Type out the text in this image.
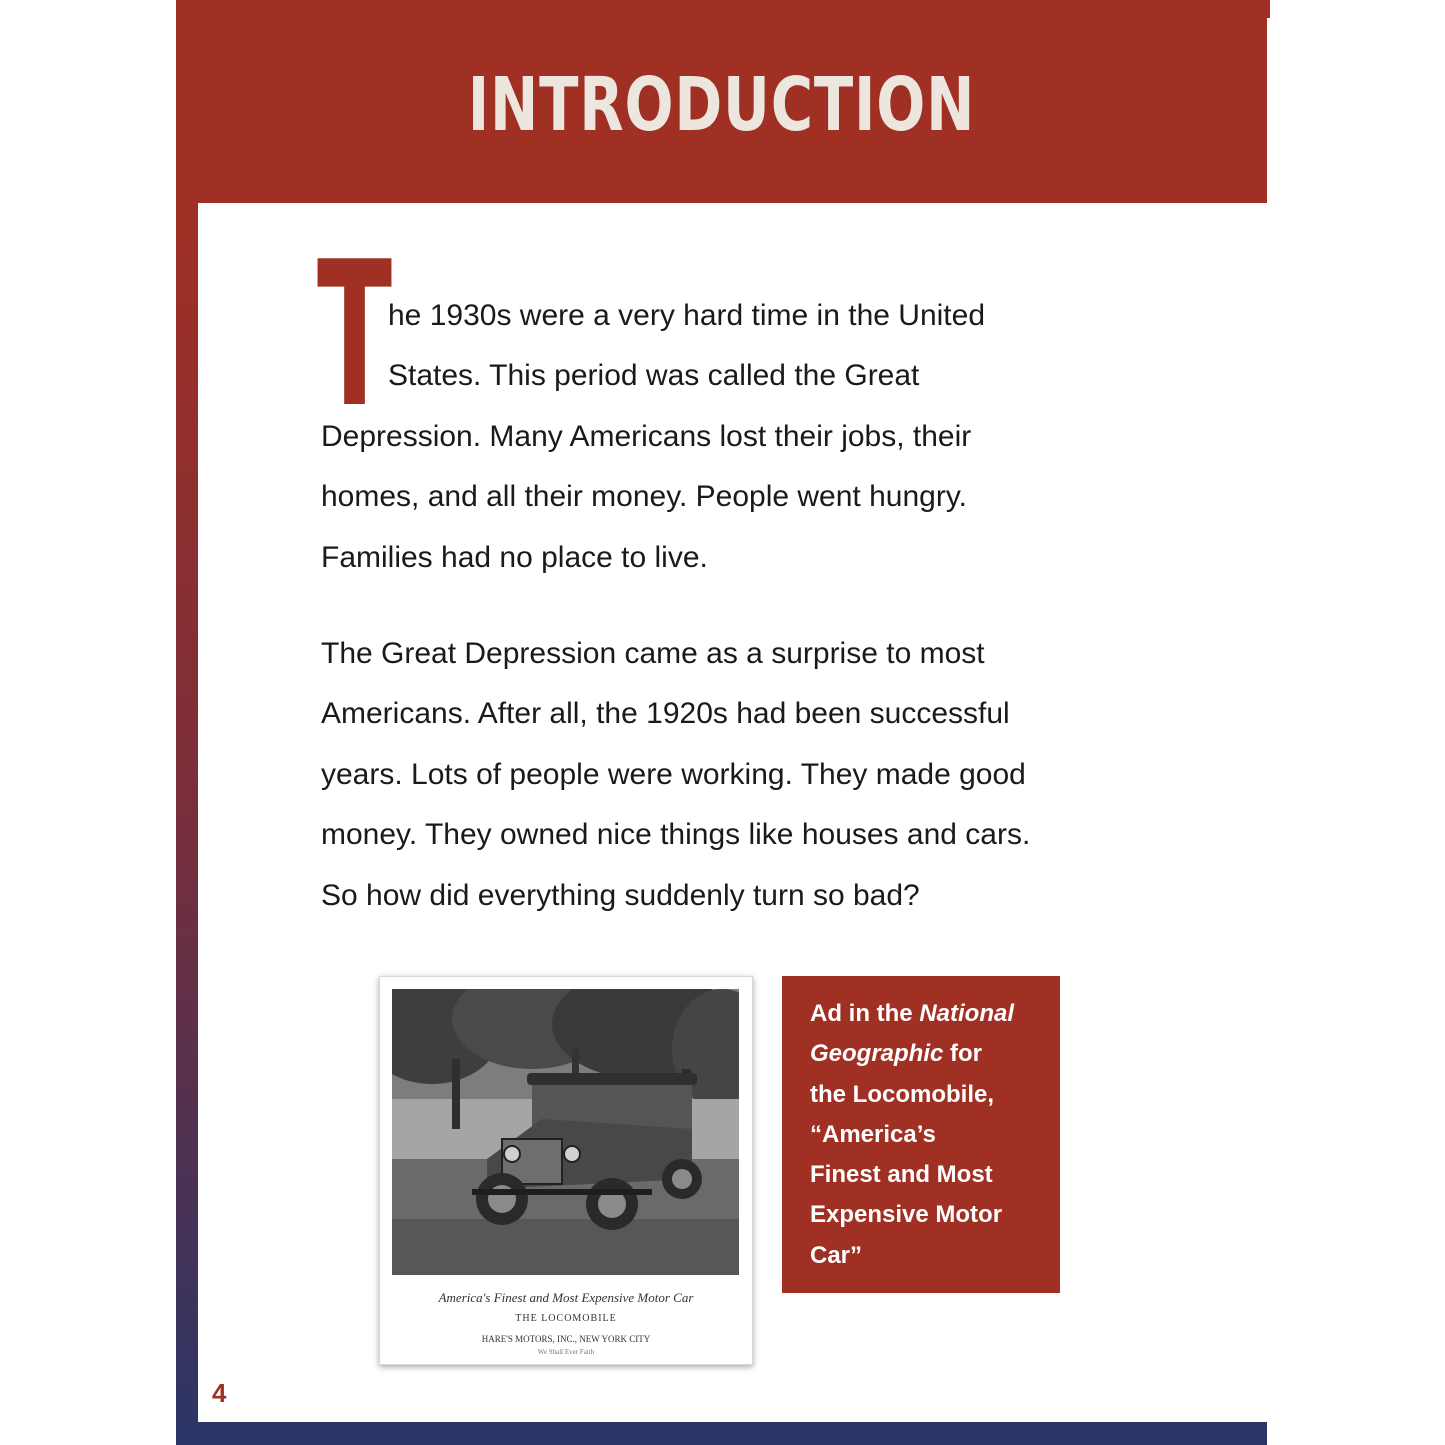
INTRODUCTION
T
he 1930s were a very hard time in the United
States. This period was called the Great
Depression. Many Americans lost their jobs, their
homes, and all their money. People went hungry.
Families had no place to live.
The Great Depression came as a surprise to most
Americans. After all, the 1920s had been successful
years. Lots of people were working. They made good
money. They owned nice things like houses and cars.
So how did everything suddenly turn so bad?
America's Finest and Most Expensive Motor Car
THE LOCOMOBILE
HARE'S MOTORS, INC., NEW YORK CITY
We Shall Ever Faith
Ad in the National
Geographic for
the Locomobile,
“America’s
Finest and Most
Expensive Motor
Car”
4
